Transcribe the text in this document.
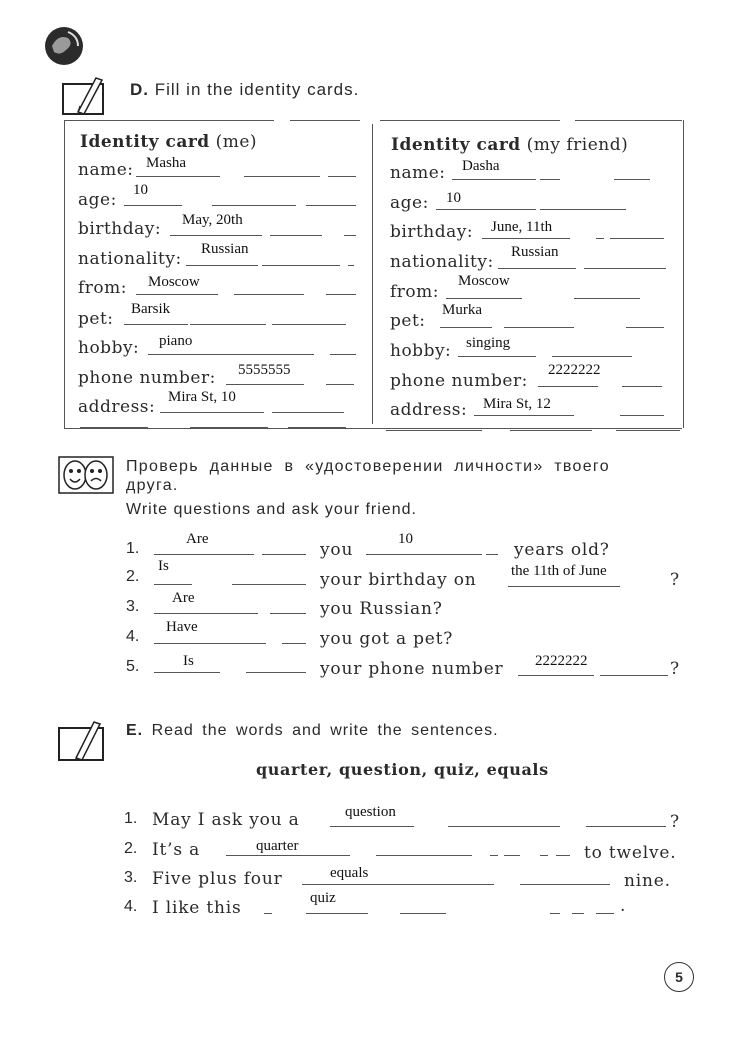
D. Fill in the identity cards.
Identity card (me)
name: Masha
age: 10
birthday: May, 20th
nationality: Russian
from: Moscow
pet: Barsik
hobby: piano
phone number: 5555555
address: Mira St, 10
Identity card (my friend)
name: Dasha
age: 10
birthday: June, 11th
nationality: Russian
from:
Moscow
pet:
Murka
hobby: singing
phone number:
2222222
address: Mira St, 12
Проверь данные в «удостоверении личности» твоего
друга.
Write questions and ask your friend.
1.
Are
you
10
years old?
2.
Is
your birthday on the 11th of June	?
3. Are
you Russian?
4.
Have
you got a pet?
5.	Is	your phone number 2222222	?
E. Read the words and write the sentences.
quarter, question, quiz, equals
1. May I ask you a	question	?
2. It’s a	quarter	to twelve.
3. Five plus four	equals	nine.
4. I like this	quiz	.
5
